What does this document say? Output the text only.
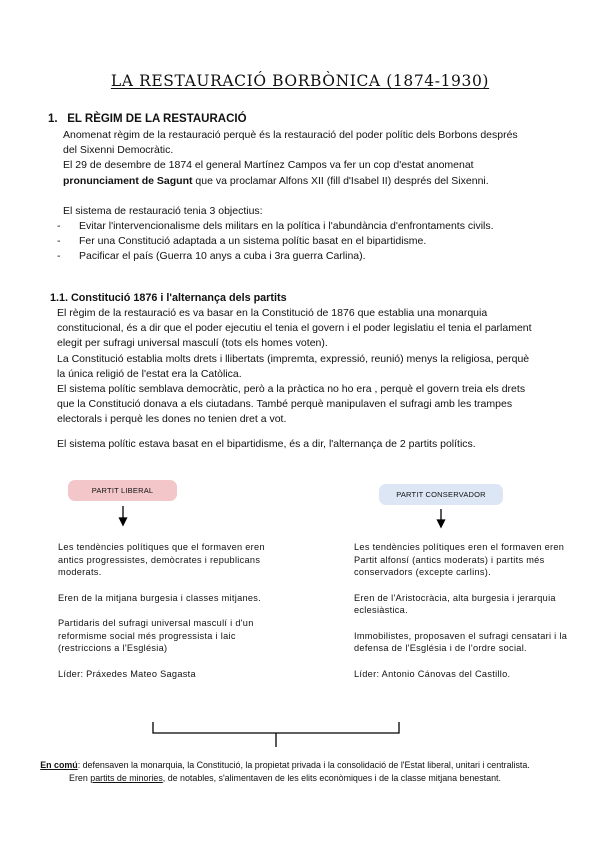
LA RESTAURACIÓ BORBÒNICA (1874-1930)
1. EL RÈGIM DE LA RESTAURACIÓ
Anomenat règim de la restauració perquè és la restauració del poder polític dels Borbons després del Sixenni Democràtic.
El 29 de desembre de 1874 el general Martínez Campos va fer un cop d'estat anomenat pronunciament de Sagunt que va proclamar Alfons XII (fill d'Isabel II) després del Sixenni.
El sistema de restauració tenia 3 objectius:
- Evitar l'intervencionalisme dels militars en la política i l'abundància d'enfrontaments civils.
- Fer una Constitució adaptada a un sistema polític basat en el bipartidisme.
- Pacificar el país (Guerra 10 anys a cuba i 3ra guerra Carlina).
1.1. Constitució 1876 i l'alternança dels partits
El règim de la restauració es va basar en la Constitució de 1876 que establia una monarquia constitucional, és a dir que el poder ejecutiu el tenia el govern i el poder legislatiu el tenia el parlament elegit per sufragi universal masculí (tots els homes voten).
La Constitució establia molts drets i llibertats (impremta, expressió, reunió) menys la religiosa, perquè la única religió de l'estat era la Catòlica.
El sistema polític semblava democràtic, però a la pràctica no ho era , perquè el govern treia els drets que la Constitució donava a els ciutadans. També perquè manipulaven el sufragi amb les trampes electorals i perquè les dones no tenien dret a vot.
El sistema polític estava basat en el bipartidisme, és a dir, l'alternança de 2 partits polítics.
PARTIT LIBERAL	PARTIT CONSERVADOR
Les tendències polítiques que el formaven eren antics progressistes, demòcrates i republicans moderats.
Eren de la mitjana burgesia i classes mitjanes.
Partidaris del sufragi universal masculí i d'un reformisme social més progressista i laic (restriccions a l'Església)
Líder: Práxedes Mateo Sagasta
Les tendències polítiques eren el formaven eren Partit alfonsí (antics moderats) i partits més conservadors (excepte carlins).
Eren de l'Aristocràcia, alta burgesia i jerarquia eclesiàstica.
Immobilistes, proposaven el sufragi censatari i la defensa de l'Església i de l'ordre social.
Líder: Antonio Cánovas del Castillo.
En comú: defensaven la monarquia, la Constitució, la propietat privada i la consolidació de l'Estat liberal, unitari i centralista.
Eren partits de minories, de notables, s'alimentaven de les elits econòmiques i de la classe mitjana benestant.
